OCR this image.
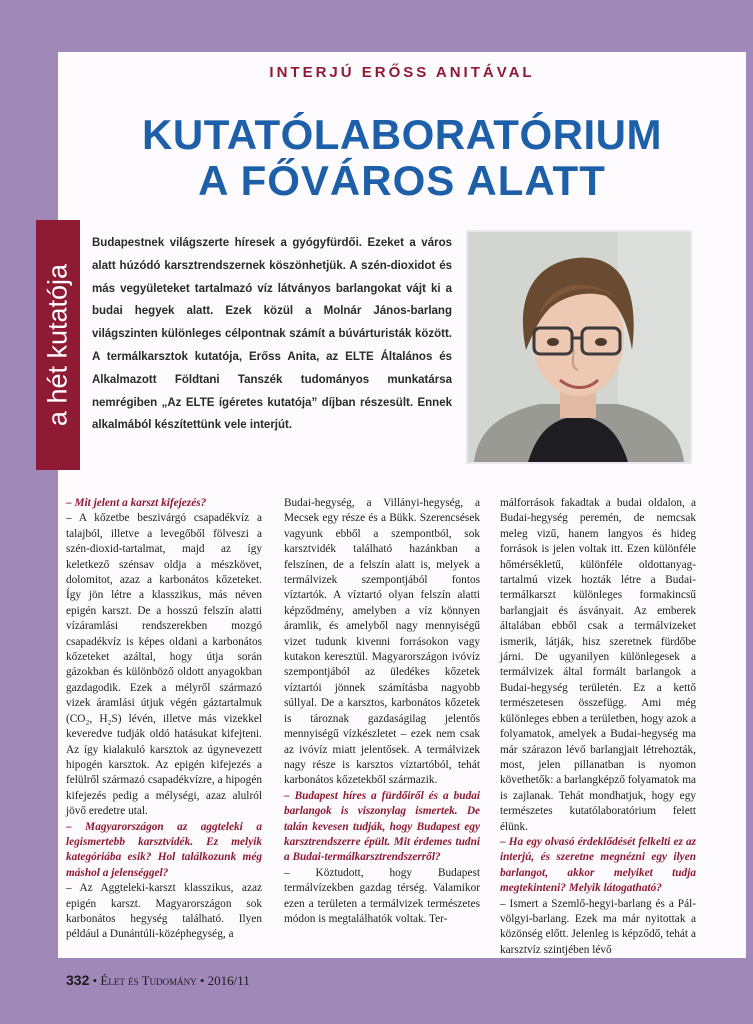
INTERJÚ ERŐSS ANITÁVAL
KUTATÓLABORATÓRIUM
A FŐVÁROS ALATT
a hét kutatója
Budapestnek világszerte híresek a gyógyfürdői. Ezeket a város alatt húzódó karsztrendszernek köszönhetjük. A szén-dioxidot és más vegyületeket tartalmazó víz látványos barlangokat vájt ki a budai hegyek alatt. Ezek közül a Molnár János-barlang világszinten különleges célpontnak számít a búvárturisták között. A termálkarsztok kutatója, Erőss Anita, az ELTE Általános és Alkalmazott Földtani Tanszék tudományos munkatársa nemrégiben „Az ELTE ígéretes kutatója” díjban részesült. Ennek alkalmából készítettünk vele interjút.

– Mit jelent a karszt kifejezés?

– A kőzetbe beszivárgó csapadékvíz a talajból, illetve a levegőből fölveszi a szén-dioxid-tartalmat, majd az így keletkező szénsav oldja a mészkövet, dolomitot, azaz a karbonátos kőzeteket. Így jön létre a klasszikus, más néven epigén karszt. De a hosszú felszín alatti vízáramlási rendszerekben mozgó csapadékvíz is képes oldani a karbonátos kőzeteket azáltal, hogy útja során gázokban és különböző oldott anyagokban gazdagodik. Ezek a mélyről származó vizek áramlási útjuk végén gáztartalmuk (CO₂, H₂S) lévén, illetve más vizekkel keveredve tudják oldó hatásukat kifejteni. Az így kialakuló karsztok az úgynevezett hipogén karsztok. Az epigén kifejezés a felülről származó csapadékvízre, a hipogén kifejezés pedig a mélységi, azaz alulról jövő eredetre utal.

– Magyarországon az aggteleki a legismertebb karsztvidék. Ez melyik kategóriába esik? Hol találkozunk még máshol a jelenséggel?

– Az Aggteleki-karszt klasszikus, azaz epigén karszt. Magyarországon sok karbonátos hegység található. Ilyen például a Dunántúli-középhegység, a

Budai-hegység, a Villányi-hegység, a Mecsek egy része és a Bükk. Szerencsések vagyunk ebből a szempontból, sok karsztvidék található hazánkban a felszínen, de a felszín alatt is, melyek a termálvizek szempontjából fontos víztartók. A víztartó olyan felszín alatti képződmény, amelyben a víz könnyen áramlik, és amelyből nagy mennyiségű vizet tudunk kivenni forrásokon vagy kutakon keresztül. Magyarországon ivóvíz szempontjából az üledékes kőzetek víztartói jönnek számításba nagyobb súllyal. De a karsztos, karbonátos kőzetek is tároznak gazdaságilag jelentős mennyiségű vízkészletet – ezek nem csak az ivóvíz miatt jelentősek. A termálvizek nagy része is karsztos víztartóból, tehát karbonátos kőzetekből származik.

– Budapest híres a fürdőiről és a budai barlangok is viszonylag ismertek. De talán kevesen tudják, hogy Budapest egy karsztrendszerre épült. Mit érdemes tudni a Budai-termálkarsztrendszerről?

– Köztudott, hogy Budapest termálvízekben gazdag térség. Valamikor ezen a területen a termálvizek természetes módon is megtalálhatók voltak. Ter-

málforrások fakadtak a budai oldalon, a Budai-hegység peremén, de nemcsak meleg vizű, hanem langyos és hideg források is jelen voltak itt. Ezen különféle hőmérsékletű, különféle oldottanyag-tartalmú vizek hozták létre a Budai-termálkarszt különleges formakincsű barlangjait és ásványait. Az emberek általában ebből csak a termálvizeket ismerik, látják, hisz szeretnek fürdőbe járni. De ugyanilyen különlegesek a termálvizek által formált barlangok a Budai-hegység területén. Ez a kettő természetesen összefügg. Ami még különleges ebben a területben, hogy azok a folyamatok, amelyek a Budai-hegység ma már szárazon lévő barlangjait létrehozták, most, jelen pillanatban is nyomon követhetők: a barlangképző folyamatok ma is zajlanak. Tehát mondhatjuk, hogy egy természetes kutatólaboratórium felett élünk.

– Ha egy olvasó érdeklődését felkelti ez az interjú, és szeretne megnézni egy ilyen barlangot, akkor melyiket tudja megtekinteni? Melyik látogatható?

– Ismert a Szemlő-hegyi-barlang és a Pál-völgyi-barlang. Ezek ma már nyitottak a közönség előtt. Jelenleg is képződő, tehát a karsztvíz szintjében lévő

332 • Élet és Tudomány • 2016/11
